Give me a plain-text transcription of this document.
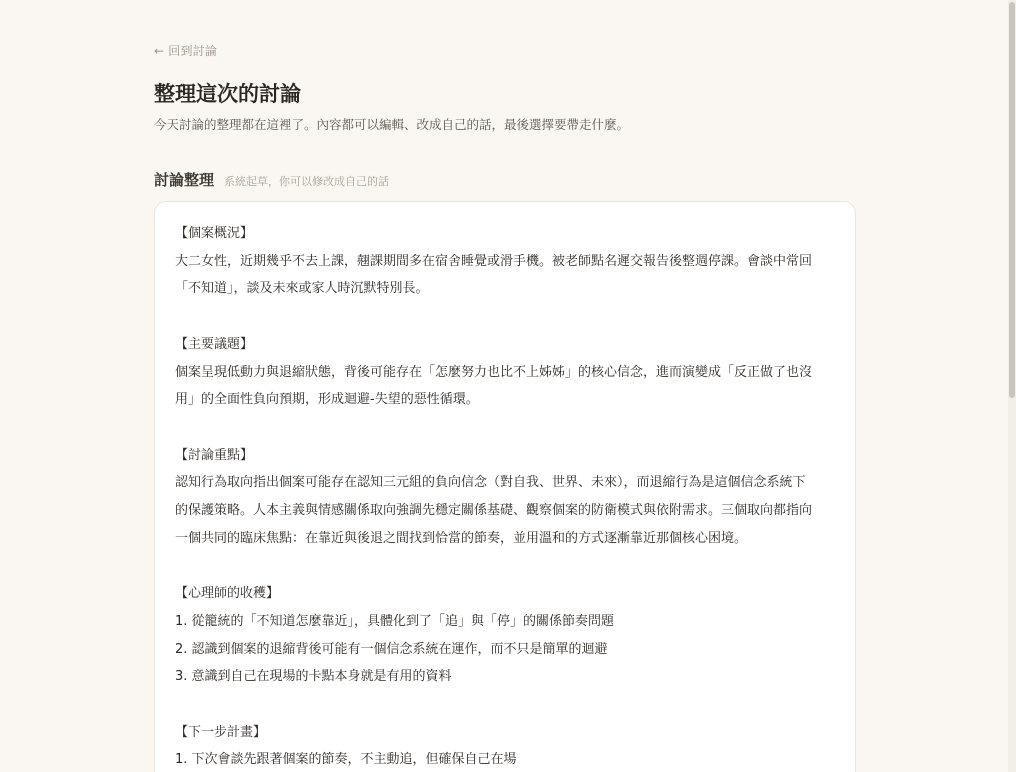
← 回到討論
整理這次的討論

今天討論的整理都在這裡了。內容都可以編輯、改成自己的話，最後選擇要帶走什麼。

討論整理 系統起草，你可以修改成自己的話
【個案概況】
大二女性，近期幾乎不去上課，翹課期間多在宿舍睡覺或滑手機。被老師點名遲交報告後整週停課。會談中常回
「不知道」，談及未來或家人時沉默特別長。
【主要議題】
個案呈現低動力與退縮狀態，背後可能存在「怎麼努力也比不上姊姊」的核心信念，進而演變成「反正做了也沒
用」的全面性負向預期，形成迴避-失望的惡性循環。
【討論重點】
認知行為取向指出個案可能存在認知三元組的負向信念（對自我、世界、未來），而退縮行為是這個信念系統下
的保護策略。人本主義與情感關係取向強調先穩定關係基礎、觀察個案的防衛模式與依附需求。三個取向都指向
一個共同的臨床焦點：在靠近與後退之間找到恰當的節奏，並用溫和的方式逐漸靠近那個核心困境。
【心理師的收穫】
1. 從籠統的「不知道怎麼靠近」，具體化到了「追」與「停」的關係節奏問題
2. 認識到個案的退縮背後可能有一個信念系統在運作，而不只是簡單的迴避
3. 意識到自己在現場的卡點本身就是有用的資料
【下一步計畫】
1. 下次會談先跟著個案的節奏，不主動追，但確保自己在場
